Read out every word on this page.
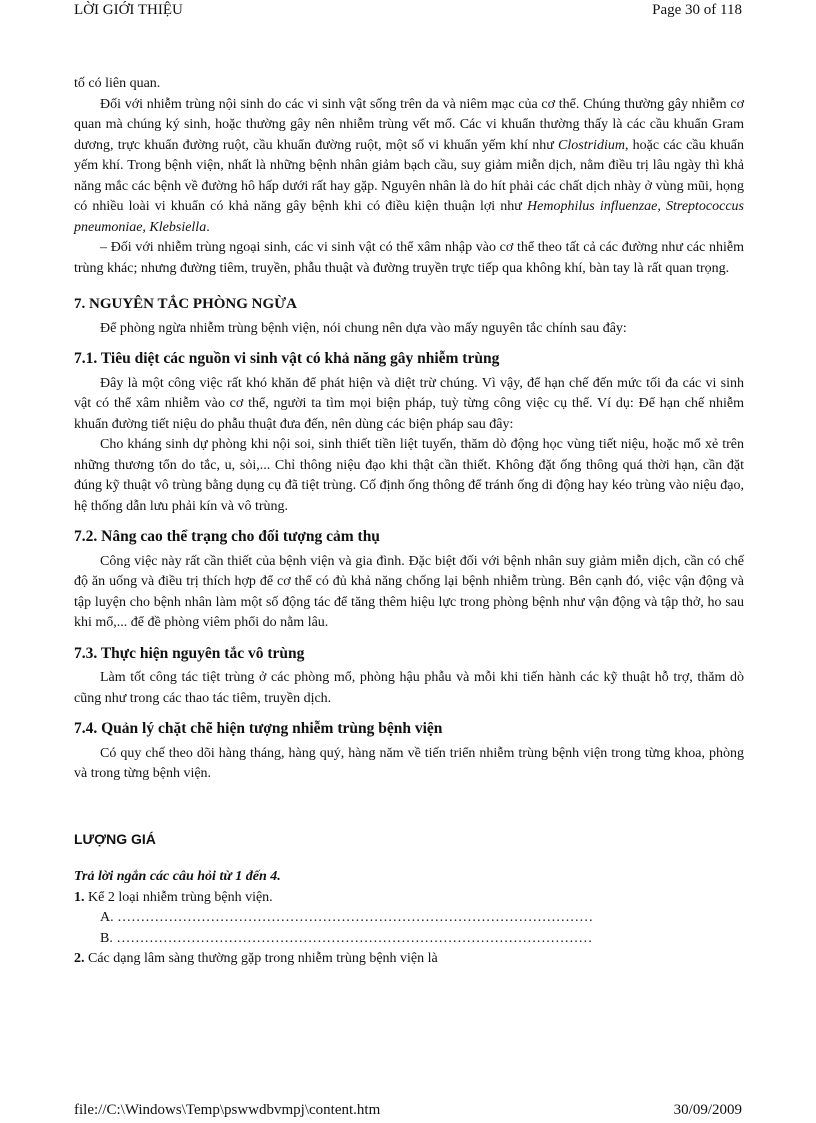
LỜI GIỚI THIỆU	Page 30 of 118

tố có liên quan.

Đối với nhiễm trùng nội sinh do các vi sinh vật sống trên da và niêm mạc của cơ thể. Chúng thường gây nhiễm cơ quan mà chúng ký sinh, hoặc thường gây nên nhiễm trùng vết mổ. Các vi khuẩn thường thấy là các cầu khuẩn Gram dương, trực khuẩn đường ruột, cầu khuẩn đường ruột, một số vi khuẩn yếm khí như Clostridium, hoặc các cầu khuẩn yếm khí. Trong bệnh viện, nhất là những bệnh nhân giảm bạch cầu, suy giảm miễn dịch, nằm điều trị lâu ngày thì khả năng mắc các bệnh về đường hô hấp dưới rất hay gặp. Nguyên nhân là do hít phải các chất dịch nhày ở vùng mũi, họng có nhiều loài vi khuẩn có khả năng gây bệnh khi có điều kiện thuận lợi như Hemophilus influenzae, Streptococcus pneumoniae, Klebsiella.

– Đối với nhiễm trùng ngoại sinh, các vi sinh vật có thể xâm nhập vào cơ thể theo tất cả các đường như các nhiễm trùng khác; nhưng đường tiêm, truyền, phẫu thuật và đường truyền trực tiếp qua không khí, bàn tay là rất quan trọng.

7. NGUYÊN TẮC PHÒNG NGỪA

Để phòng ngừa nhiễm trùng bệnh viện, nói chung nên dựa vào mấy nguyên tắc chính sau đây:

7.1. Tiêu diệt các nguồn vi sinh vật có khả năng gây nhiễm trùng

Đây là một công việc rất khó khăn để phát hiện và diệt trừ chúng. Vì vậy, để hạn chế đến mức tối đa các vi sinh vật có thể xâm nhiễm vào cơ thể, người ta tìm mọi biện pháp, tuỳ từng công việc cụ thể. Ví dụ: Để hạn chế nhiễm khuẩn đường tiết niệu do phẫu thuật đưa đến, nên dùng các biện pháp sau đây:

Cho kháng sinh dự phòng khi nội soi, sinh thiết tiền liệt tuyến, thăm dò động học vùng tiết niệu, hoặc mổ xẻ trên những thương tổn do tắc, u, sỏi,... Chỉ thông niệu đạo khi thật cần thiết. Không đặt ống thông quá thời hạn, cần đặt đúng kỹ thuật vô trùng bằng dụng cụ đã tiệt trùng. Cố định ống thông để tránh ống di động hay kéo trùng vào niệu đạo, hệ thống dẫn lưu phải kín và vô trùng.

7.2. Nâng cao thể trạng cho đối tượng cảm thụ

Công việc này rất cần thiết của bệnh viện và gia đình. Đặc biệt đối với bệnh nhân suy giảm miễn dịch, cần có chế độ ăn uống và điều trị thích hợp để cơ thể có đủ khả năng chống lại bệnh nhiễm trùng. Bên cạnh đó, việc vận động và tập luyện cho bệnh nhân làm một số động tác để tăng thêm hiệu lực trong phòng bệnh như vận động và tập thở, ho sau khi mổ,... để đề phòng viêm phổi do nằm lâu.

7.3. Thực hiện nguyên tắc vô trùng

Làm tốt công tác tiệt trùng ở các phòng mổ, phòng hậu phẫu và mỗi khi tiến hành các kỹ thuật hỗ trợ, thăm dò cũng như trong các thao tác tiêm, truyền dịch.

7.4. Quản lý chặt chẽ hiện tượng nhiễm trùng bệnh viện

Có quy chế theo dõi hàng tháng, hàng quý, hàng năm về tiến triển nhiễm trùng bệnh viện trong từng khoa, phòng và trong từng bệnh viện.

LƯỢNG GIÁ

Trả lời ngắn các câu hỏi từ 1 đến 4.

1. Kể 2 loại nhiễm trùng bệnh viện.

A. …………………………………………………………………………………………

B. …………………………………………………………………………………………

2. Các dạng lâm sàng thường gặp trong nhiễm trùng bệnh viện là

file://C:\Windows\Temp\pswwdbvmpj\content.htm	30/09/2009
